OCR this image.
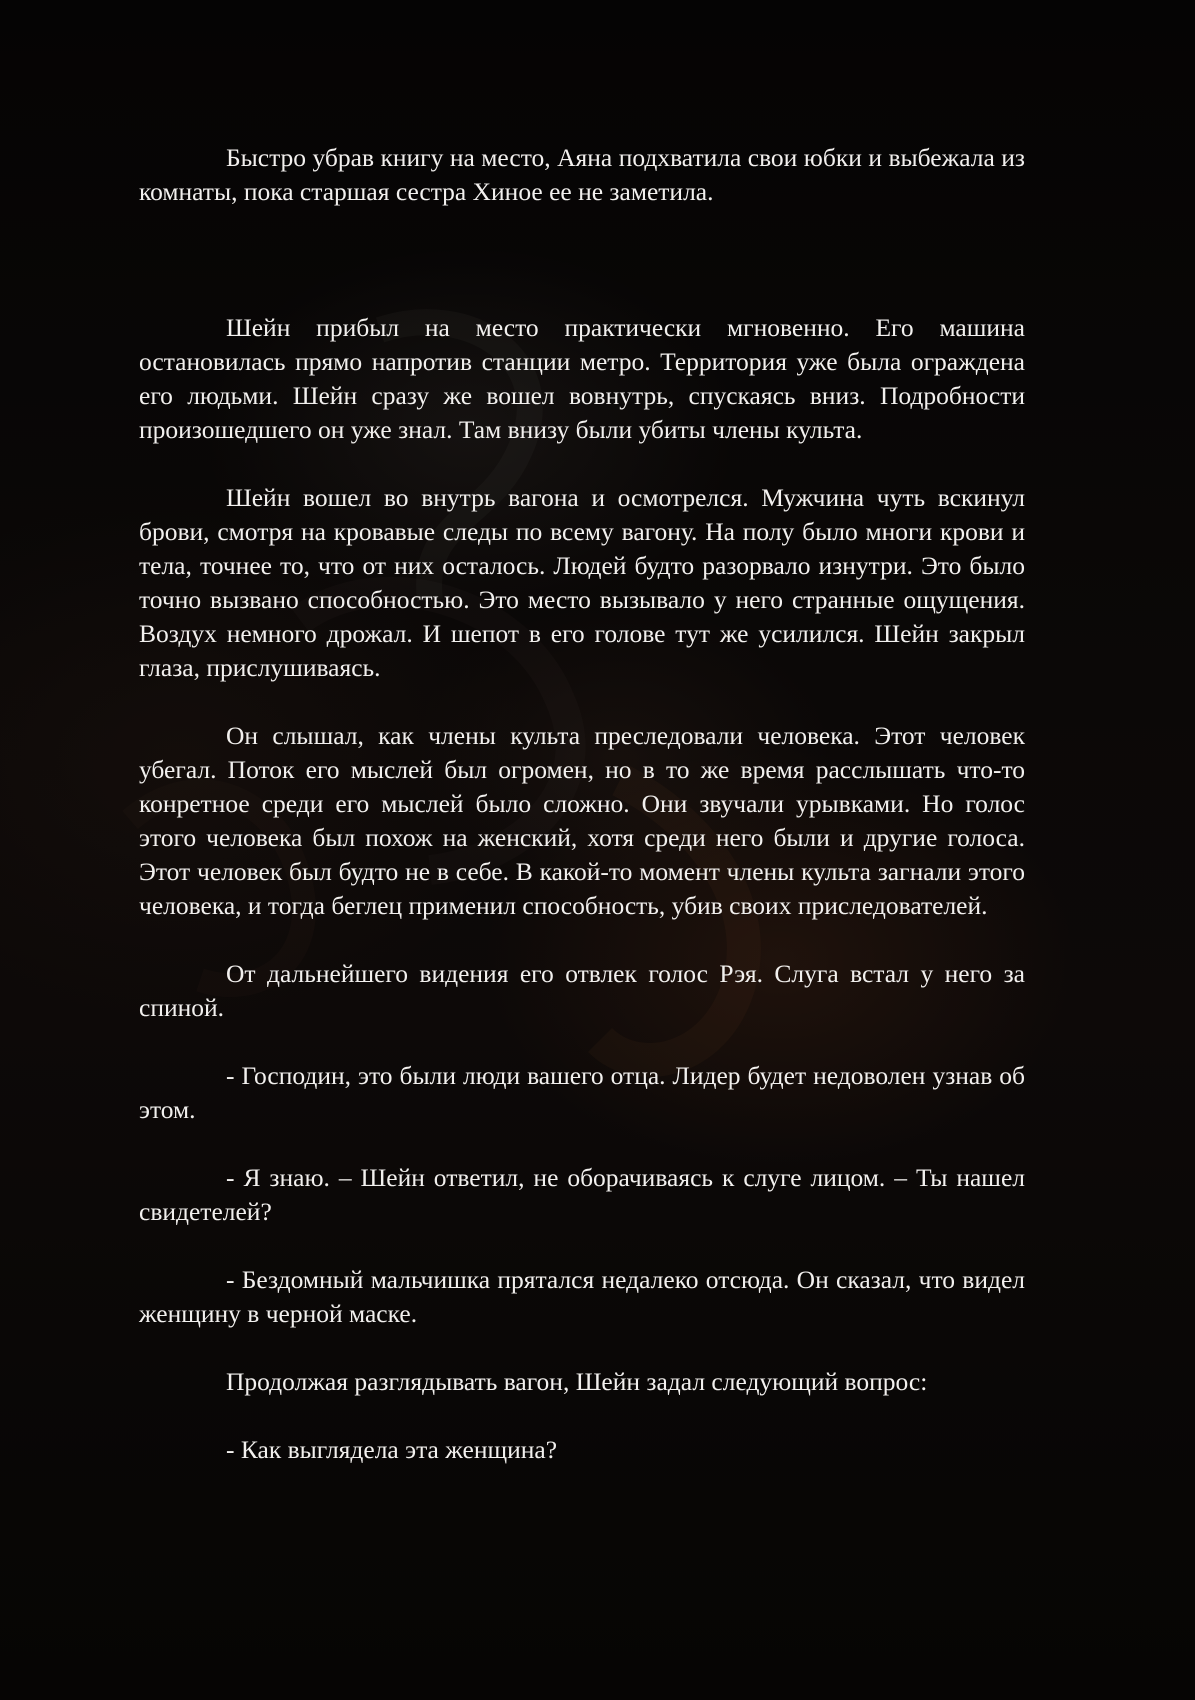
Быстро убрав книгу на место, Аяна подхватила свои юбки и выбежала из комнаты, пока старшая сестра Хиное ее не заметила.

Шейн прибыл на место практически мгновенно. Его машина остановилась прямо напротив станции метро. Территория уже была ограждена его людьми. Шейн сразу же вошел вовнутрь, спускаясь вниз. Подробности произошедшего он уже знал. Там внизу были убиты члены культа.

Шейн вошел во внутрь вагона и осмотрелся. Мужчина чуть вскинул брови, смотря на кровавые следы по всему вагону. На полу было многи крови и тела, точнее то, что от них осталось. Людей будто разорвало изнутри. Это было точно вызвано способностью. Это место вызывало у него странные ощущения. Воздух немного дрожал. И шепот в его голове тут же усилился. Шейн закрыл глаза, прислушиваясь.

Он слышал, как члены культа преследовали человека. Этот человек убегал. Поток его мыслей был огромен, но в то же время расслышать что-то конретное среди его мыслей было сложно. Они звучали урывками. Но голос этого человека был похож на женский, хотя среди него были и другие голоса. Этот человек был будто не в себе. В какой-то момент члены культа загнали этого человека, и тогда беглец применил способность, убив своих приследователей.

От дальнейшего видения его отвлек голос Рэя. Слуга встал у него за спиной.

- Господин, это были люди вашего отца. Лидер будет недоволен узнав об этом.

- Я знаю. – Шейн ответил, не оборачиваясь к слуге лицом. – Ты нашел свидетелей?

- Бездомный мальчишка прятался недалеко отсюда. Он сказал, что видел женщину в черной маске.

Продолжая разглядывать вагон, Шейн задал следующий вопрос:

- Как выглядела эта женщина?
